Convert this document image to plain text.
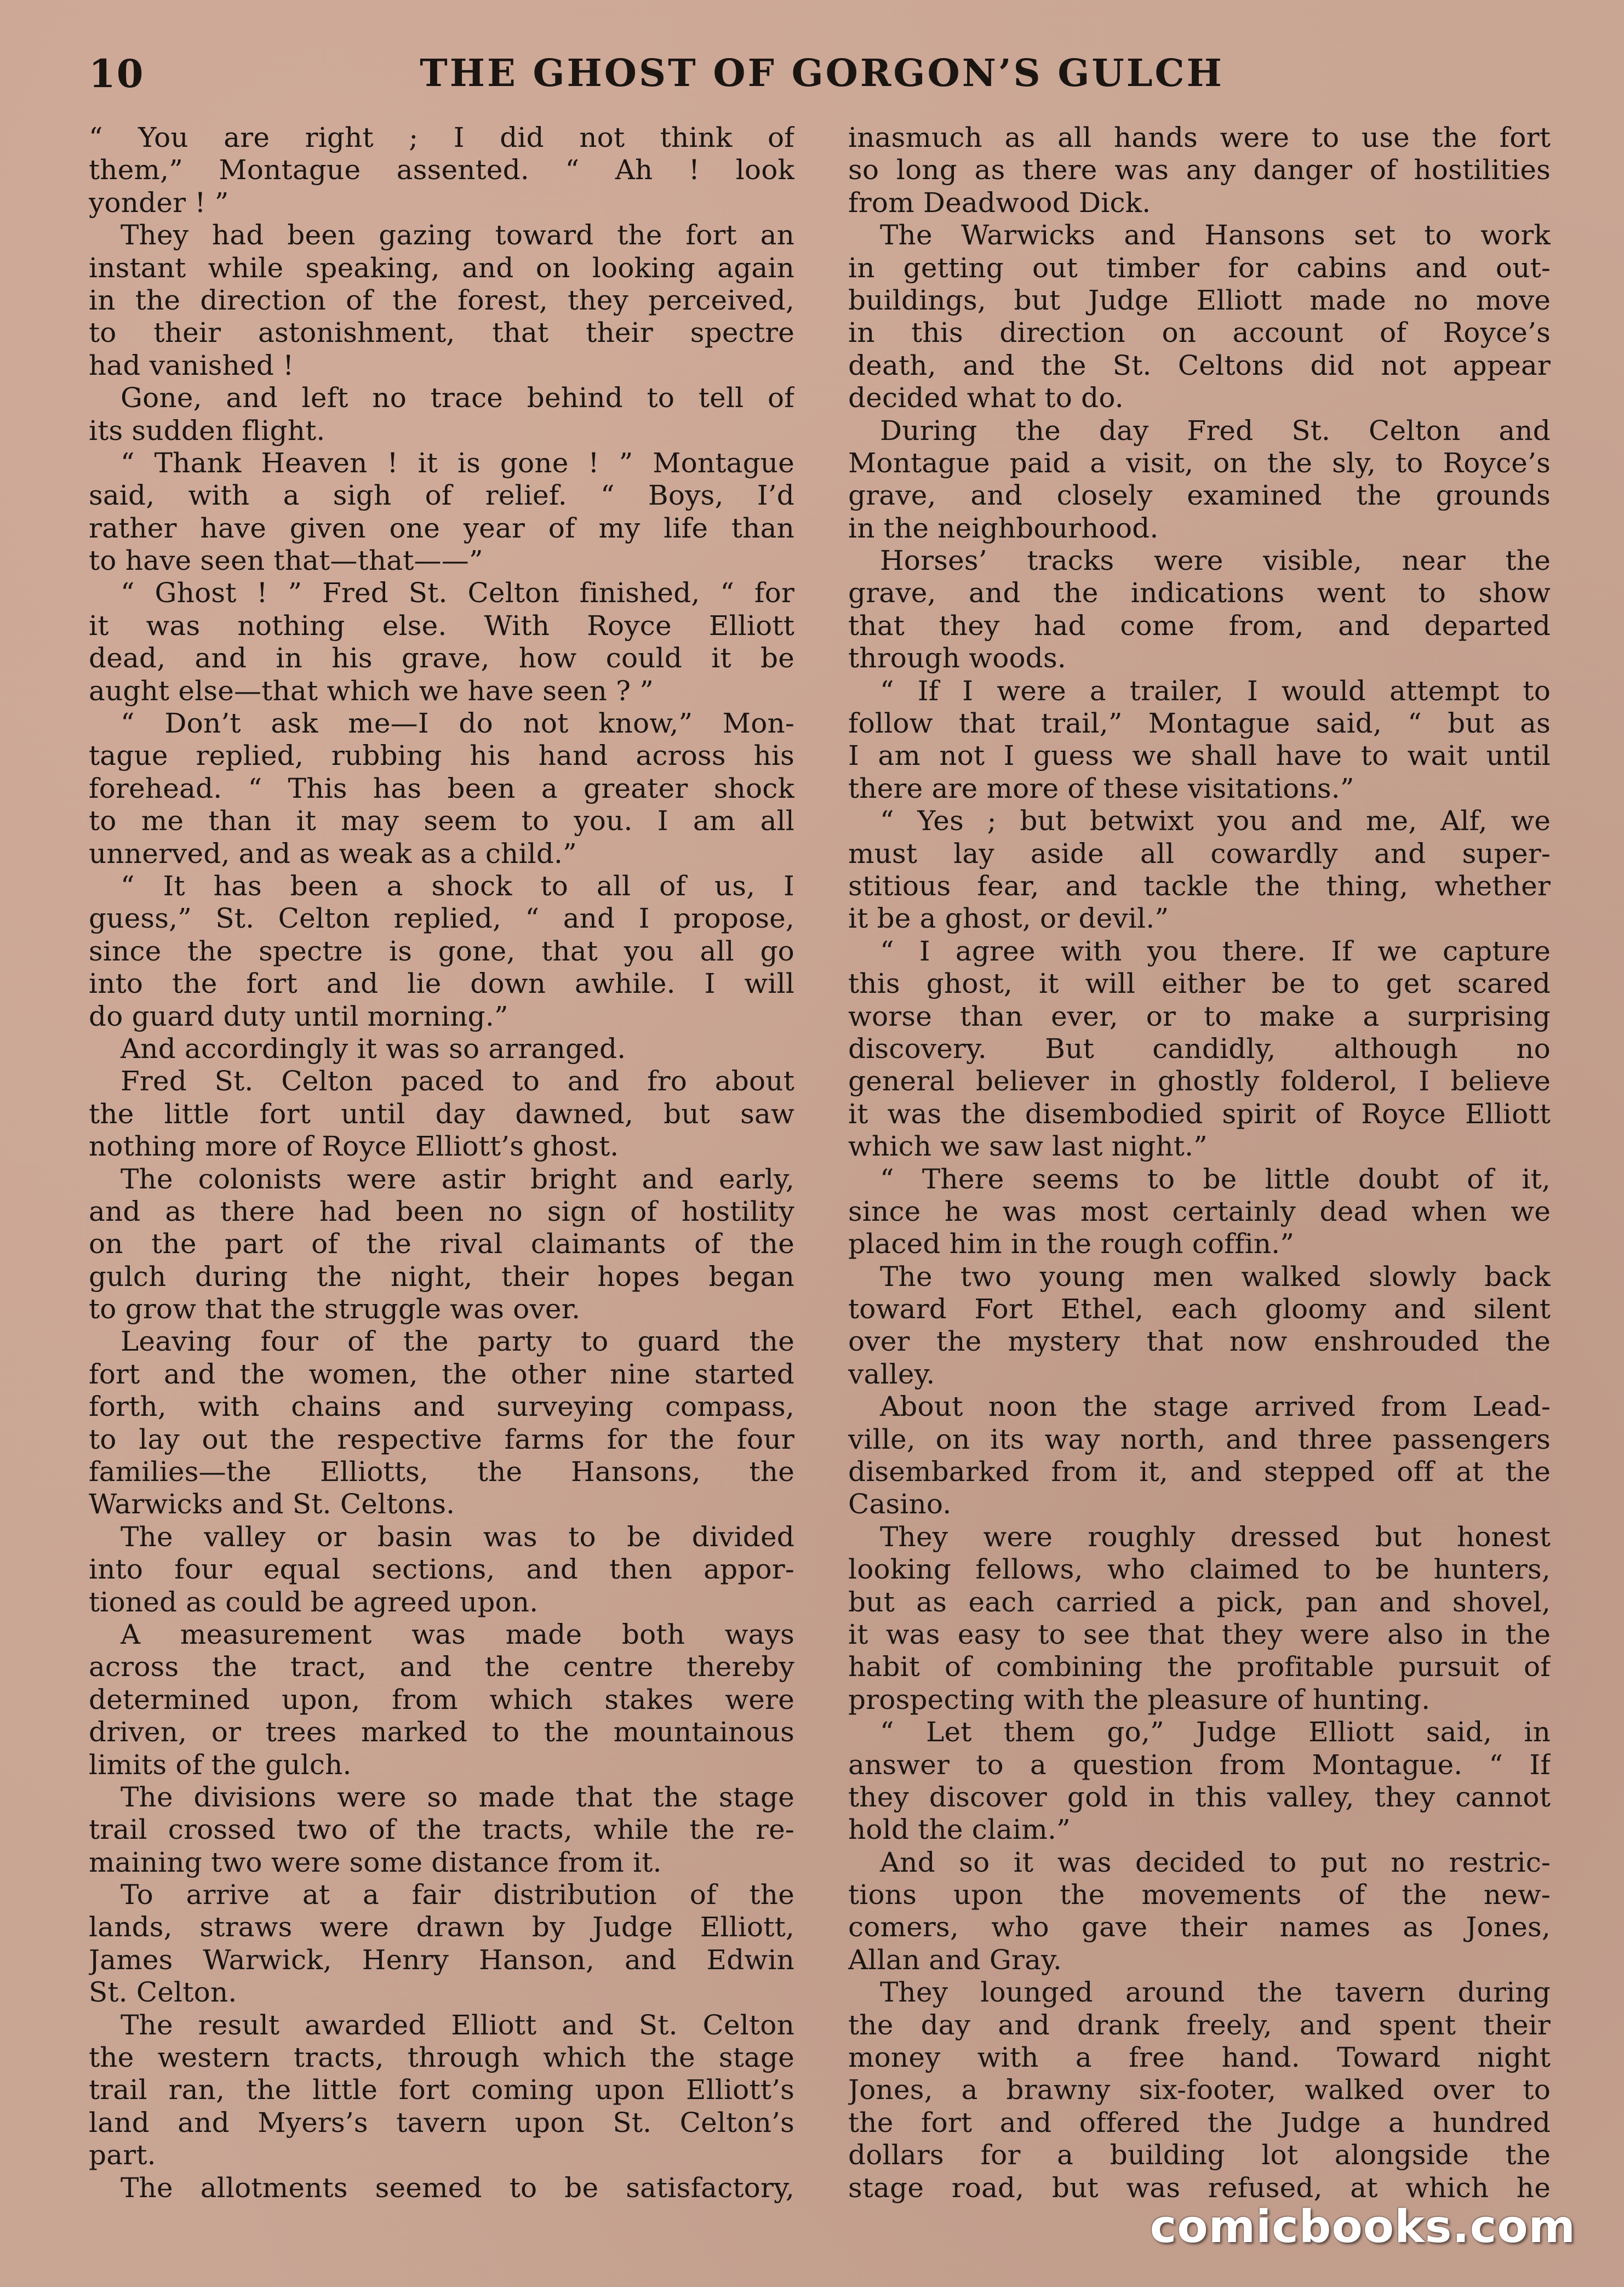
10	THE GHOST OF GORGON’S GULCH
“ You are right ; I did not think of
them,” Montague assented. “ Ah ! look
yonder ! ”
They had been gazing toward the fort an
instant while speaking, and on looking again
in the direction of the forest, they perceived,
to their astonishment, that their spectre
had vanished !
Gone, and left no trace behind to tell of
its sudden flight.
“ Thank Heaven ! it is gone ! ” Montague
said, with a sigh of relief. “ Boys, I’d
rather have given one year of my life than
to have seen that—that——”
“ Ghost ! ” Fred St. Celton finished, “ for
it was nothing else. With Royce Elliott
dead, and in his grave, how could it be
aught else—that which we have seen ? ”
“ Don’t ask me—I do not know,” Mon-
tague replied, rubbing his hand across his
forehead. “ This has been a greater shock
to me than it may seem to you. I am all
unnerved, and as weak as a child.”
“ It has been a shock to all of us, I
guess,” St. Celton replied, “ and I propose,
since the spectre is gone, that you all go
into the fort and lie down awhile. I will
do guard duty until morning.”
And accordingly it was so arranged.
Fred St. Celton paced to and fro about
the little fort until day dawned, but saw
nothing more of Royce Elliott’s ghost.
The colonists were astir bright and early,
and as there had been no sign of hostility
on the part of the rival claimants of the
gulch during the night, their hopes began
to grow that the struggle was over.
Leaving four of the party to guard the
fort and the women, the other nine started
forth, with chains and surveying compass,
to lay out the respective farms for the four
families—the Elliotts, the Hansons, the
Warwicks and St. Celtons.
The valley or basin was to be divided
into four equal sections, and then appor-
tioned as could be agreed upon.
A measurement was made both ways
across the tract, and the centre thereby
determined upon, from which stakes were
driven, or trees marked to the mountainous
limits of the gulch.
The divisions were so made that the stage
trail crossed two of the tracts, while the re-
maining two were some distance from it.
To arrive at a fair distribution of the
lands, straws were drawn by Judge Elliott,
James Warwick, Henry Hanson, and Edwin
St. Celton.
The result awarded Elliott and St. Celton
the western tracts, through which the stage
trail ran, the little fort coming upon Elliott’s
land and Myers’s tavern upon St. Celton’s
part.
The allotments seemed to be satisfactory,
inasmuch as all hands were to use the fort
so long as there was any danger of hostilities
from Deadwood Dick.
The Warwicks and Hansons set to work
in getting out timber for cabins and out-
buildings, but Judge Elliott made no move
in this direction on account of Royce’s
death, and the St. Celtons did not appear
decided what to do.
During the day Fred St. Celton and
Montague paid a visit, on the sly, to Royce’s
grave, and closely examined the grounds
in the neighbourhood.
Horses’ tracks were visible, near the
grave, and the indications went to show
that they had come from, and departed
through woods.
“ If I were a trailer, I would attempt to
follow that trail,” Montague said, “ but as
I am not I guess we shall have to wait until
there are more of these visitations.”
“ Yes ; but betwixt you and me, Alf, we
must lay aside all cowardly and super-
stitious fear, and tackle the thing, whether
it be a ghost, or devil.”
“ I agree with you there. If we capture
this ghost, it will either be to get scared
worse than ever, or to make a surprising
discovery. But candidly, although no
general believer in ghostly folderol, I believe
it was the disembodied spirit of Royce Elliott
which we saw last night.”
“ There seems to be little doubt of it,
since he was most certainly dead when we
placed him in the rough coffin.”
The two young men walked slowly back
toward Fort Ethel, each gloomy and silent
over the mystery that now enshrouded the
valley.
About noon the stage arrived from Lead-
ville, on its way north, and three passengers
disembarked from it, and stepped off at the
Casino.
They were roughly dressed but honest
looking fellows, who claimed to be hunters,
but as each carried a pick, pan and shovel,
it was easy to see that they were also in the
habit of combining the profitable pursuit of
prospecting with the pleasure of hunting.
“ Let them go,” Judge Elliott said, in
answer to a question from Montague. “ If
they discover gold in this valley, they cannot
hold the claim.”
And so it was decided to put no restric-
tions upon the movements of the new-
comers, who gave their names as Jones,
Allan and Gray.
They lounged around the tavern during
the day and drank freely, and spent their
money with a free hand. Toward night
Jones, a brawny six-footer, walked over to
the fort and offered the Judge a hundred
dollars for a building lot alongside the
stage road, but was refused, at which he
comicbooks.com
